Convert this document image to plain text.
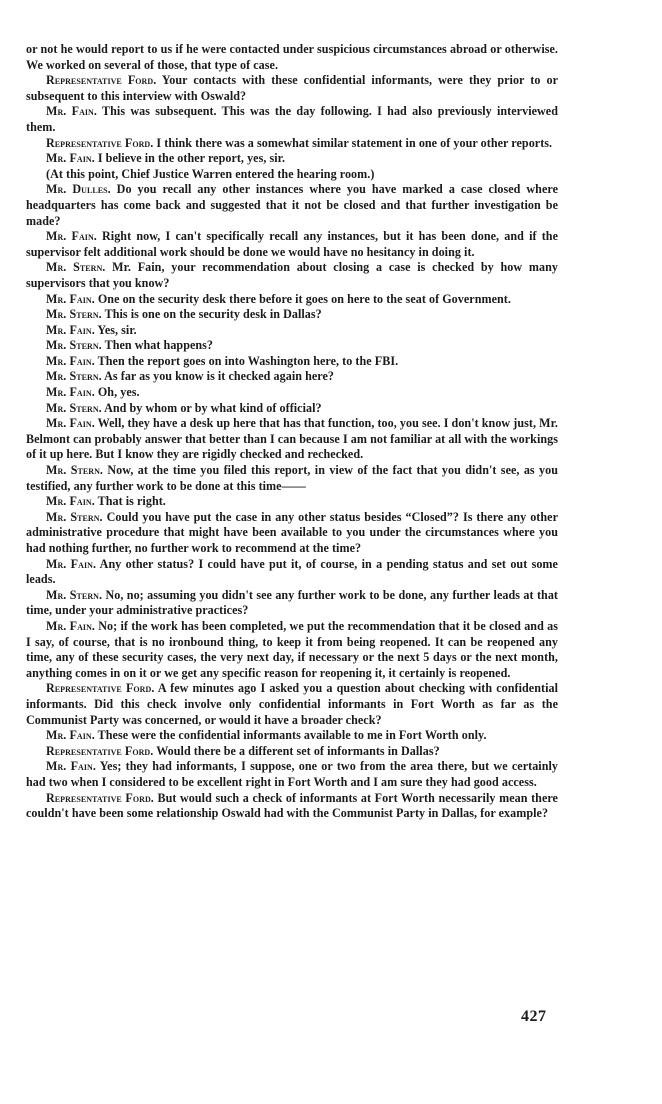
or not he would report to us if he were contacted under suspicious circumstances abroad or otherwise. We worked on several of those, that type of case.

Representative Ford. Your contacts with these confidential informants, were they prior to or subsequent to this interview with Oswald?

Mr. Fain. This was subsequent. This was the day following. I had also previously interviewed them.

Representative Ford. I think there was a somewhat similar statement in one of your other reports.

Mr. Fain. I believe in the other report, yes, sir.

(At this point, Chief Justice Warren entered the hearing room.)

Mr. Dulles. Do you recall any other instances where you have marked a case closed where headquarters has come back and suggested that it not be closed and that further investigation be made?

Mr. Fain. Right now, I can't specifically recall any instances, but it has been done, and if the supervisor felt additional work should be done we would have no hesitancy in doing it.

Mr. Stern. Mr. Fain, your recommendation about closing a case is checked by how many supervisors that you know?

Mr. Fain. One on the security desk there before it goes on here to the seat of Government.

Mr. Stern. This is one on the security desk in Dallas?

Mr. Fain. Yes, sir.

Mr. Stern. Then what happens?

Mr. Fain. Then the report goes on into Washington here, to the FBI.

Mr. Stern. As far as you know is it checked again here?

Mr. Fain. Oh, yes.

Mr. Stern. And by whom or by what kind of official?

Mr. Fain. Well, they have a desk up here that has that function, too, you see. I don't know just, Mr. Belmont can probably answer that better than I can because I am not familiar at all with the workings of it up here. But I know they are rigidly checked and rechecked.

Mr. Stern. Now, at the time you filed this report, in view of the fact that you didn't see, as you testified, any further work to be done at this time——

Mr. Fain. That is right.

Mr. Stern. Could you have put the case in any other status besides “Closed”? Is there any other administrative procedure that might have been available to you under the circumstances where you had nothing further, no further work to recommend at the time?

Mr. Fain. Any other status? I could have put it, of course, in a pending status and set out some leads.

Mr. Stern. No, no; assuming you didn't see any further work to be done, any further leads at that time, under your administrative practices?

Mr. Fain. No; if the work has been completed, we put the recommendation that it be closed and as I say, of course, that is no ironbound thing, to keep it from being reopened. It can be reopened any time, any of these security cases, the very next day, if necessary or the next 5 days or the next month, anything comes in on it or we get any specific reason for reopening it, it certainly is reopened.

Representative Ford. A few minutes ago I asked you a question about checking with confidential informants. Did this check involve only confidential informants in Fort Worth as far as the Communist Party was concerned, or would it have a broader check?

Mr. Fain. These were the confidential informants available to me in Fort Worth only.

Representative Ford. Would there be a different set of informants in Dallas?

Mr. Fain. Yes; they had informants, I suppose, one or two from the area there, but we certainly had two when I considered to be excellent right in Fort Worth and I am sure they had good access.

Representative Ford. But would such a check of informants at Fort Worth necessarily mean there couldn't have been some relationship Oswald had with the Communist Party in Dallas, for example?

427
